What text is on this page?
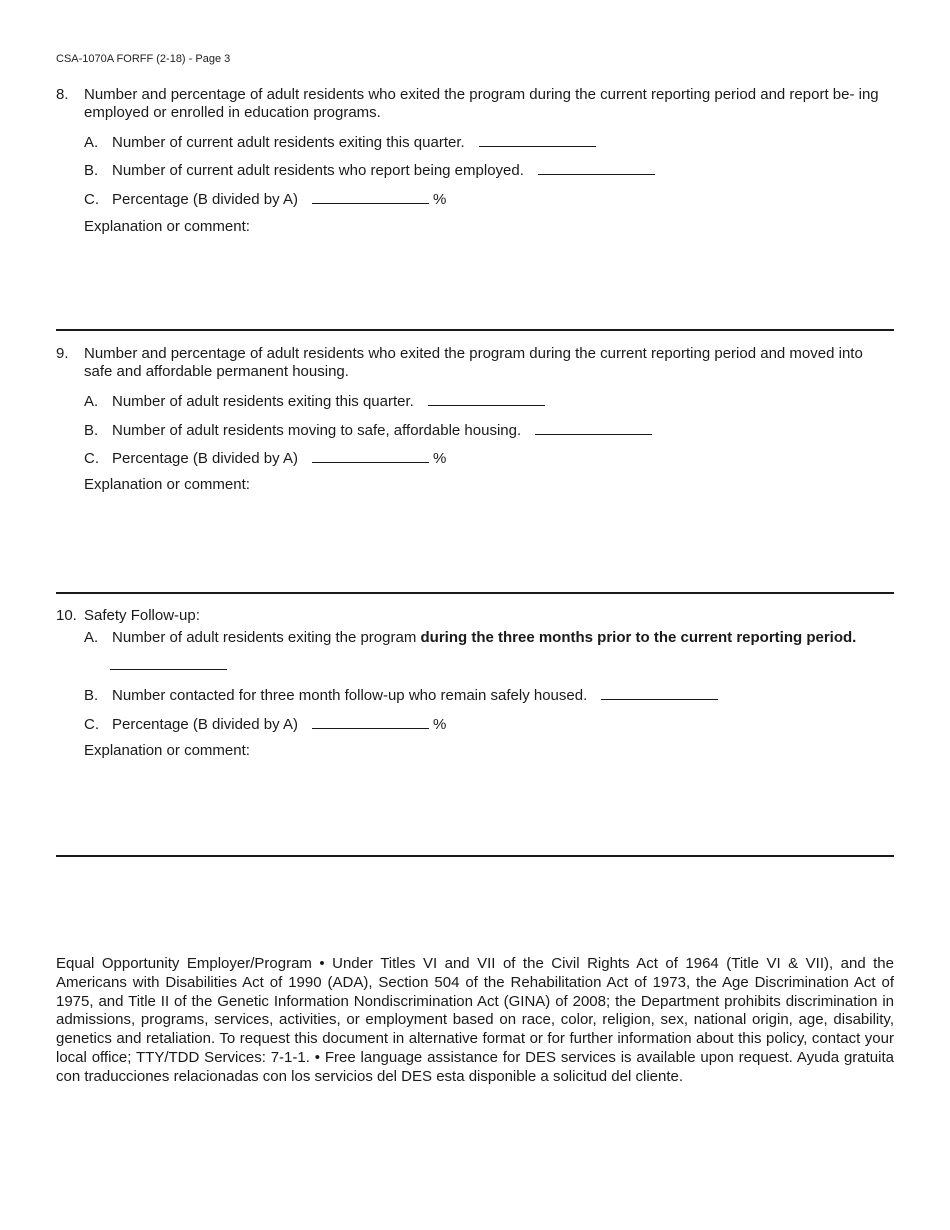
CSA-1070A FORFF (2-18) - Page 3
8.	Number and percentage of adult residents who exited the program during the current reporting period and report be- ing employed or enrolled in education programs.
A. Number of current adult residents exiting this quarter.
B. Number of current adult residents who report being employed.
C. Percentage (B divided by A)	%
Explanation or comment:
9.	Number and percentage of adult residents who exited the program during the current reporting period and moved into safe and affordable permanent housing.
A. Number of adult residents exiting this quarter.
B. Number of adult residents moving to safe, affordable housing.
C. Percentage (B divided by A)	%
Explanation or comment:
10. Safety Follow-up:
A. Number of adult residents exiting the program during the three months prior to the current reporting period.
B. Number contacted for three month follow-up who remain safely housed.
C. Percentage (B divided by A)	%
Explanation or comment:
Equal Opportunity Employer/Program • Under Titles VI and VII of the Civil Rights Act of 1964 (Title VI & VII), and the Americans with Disabilities Act of 1990 (ADA), Section 504 of the Rehabilitation Act of 1973, the Age Discrimination Act of 1975, and Title II of the Genetic Information Nondiscrimination Act (GINA) of 2008; the Department prohibits discrimination in admissions, programs, services, activities, or employment based on race, color, religion, sex, national origin, age, disability, genetics and retaliation. To request this document in alternative format or for further information about this policy, contact your local office; TTY/TDD Services: 7-1-1. • Free language assistance for DES services is available upon request. Ayuda gratuita con traducciones relacionadas con los servicios del DES esta disponible a solicitud del cliente.
